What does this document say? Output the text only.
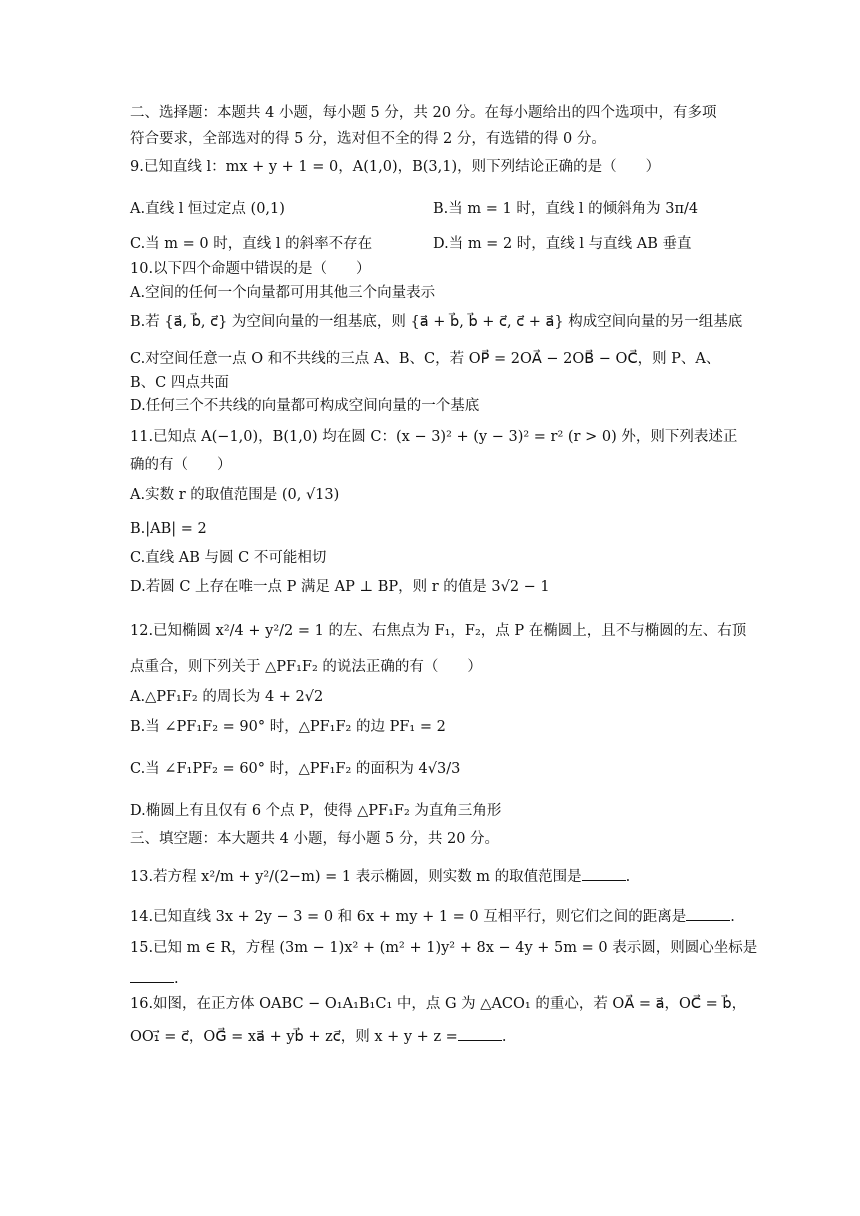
二、选择题：本题共 4 小题，每小题 5 分，共 20 分。在每小题给出的四个选项中，有多项
符合要求，全部选对的得 5 分，选对但不全的得 2 分，有选错的得 0 分。
9.已知直线 l：mx + y + 1 = 0，A(1,0)，B(3,1)，则下列结论正确的是（　　）
A.直线 l 恒过定点 (0,1)	B.当 m = 1 时，直线 l 的倾斜角为 3π/4
C.当 m = 0 时，直线 l 的斜率不存在	D.当 m = 2 时，直线 l 与直线 AB 垂直
10.以下四个命题中错误的是（　　）
A.空间的任何一个向量都可用其他三个向量表示
B.若 {a⃗, b⃗, c⃗} 为空间向量的一组基底，则 {a⃗ + b⃗, b⃗ + c⃗, c⃗ + a⃗} 构成空间向量的另一组基底
C.对空间任意一点 O 和不共线的三点 A、B、C，若 OP⃗ = 2OA⃗ − 2OB⃗ − OC⃗，则 P、A、
B、C 四点共面
D.任何三个不共线的向量都可构成空间向量的一个基底
11.已知点 A(−1,0)，B(1,0) 均在圆 C：(x − 3)² + (y − 3)² = r² (r > 0) 外，则下列表述正
确的有（　　）
A.实数 r 的取值范围是 (0, √13)
B.|AB| = 2
C.直线 AB 与圆 C 不可能相切
D.若圆 C 上存在唯一点 P 满足 AP ⊥ BP，则 r 的值是 3√2 − 1
12.已知椭圆 x²/4 + y²/2 = 1 的左、右焦点为 F₁，F₂，点 P 在椭圆上，且不与椭圆的左、右顶
点重合，则下列关于 △PF₁F₂ 的说法正确的有（　　）
A.△PF₁F₂ 的周长为 4 + 2√2
B.当 ∠PF₁F₂ = 90° 时，△PF₁F₂ 的边 PF₁ = 2
C.当 ∠F₁PF₂ = 60° 时，△PF₁F₂ 的面积为 4√3/3
D.椭圆上有且仅有 6 个点 P，使得 △PF₁F₂ 为直角三角形
三、填空题：本大题共 4 小题，每小题 5 分，共 20 分。
13.若方程 x²/m + y²/(2−m) = 1 表示椭圆，则实数 m 的取值范围是	.
14.已知直线 3x + 2y − 3 = 0 和 6x + my + 1 = 0 互相平行，则它们之间的距离是	.
15.已知 m ∈ R，方程 (3m − 1)x² + (m² + 1)y² + 8x − 4y + 5m = 0 表示圆，则圆心坐标是
.
16.如图，在正方体 OABC − O₁A₁B₁C₁ 中，点 G 为 △ACO₁ 的重心，若 OA⃗ = a⃗，OC⃗ = b⃗，
OO₁⃗ = c⃗，OG⃗ = xa⃗ + yb⃗ + zc⃗，则 x + y + z =	.
